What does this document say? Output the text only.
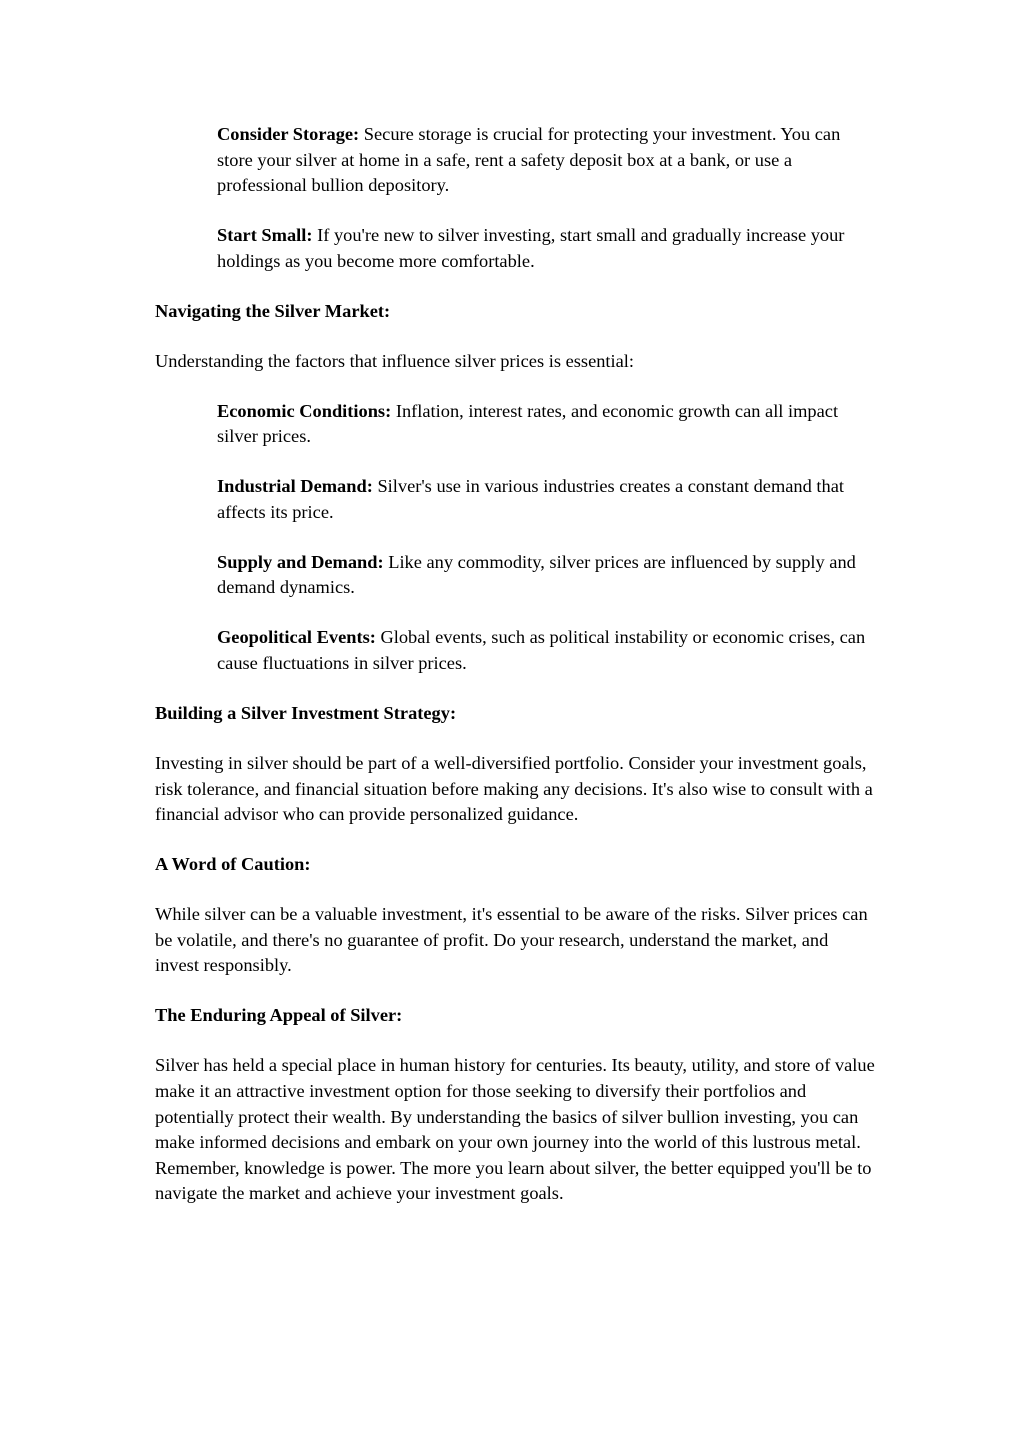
Consider Storage: Secure storage is crucial for protecting your investment. You can store your silver at home in a safe, rent a safety deposit box at a bank, or use a professional bullion depository.

Start Small: If you're new to silver investing, start small and gradually increase your holdings as you become more comfortable.

Navigating the Silver Market:

Understanding the factors that influence silver prices is essential:

Economic Conditions: Inflation, interest rates, and economic growth can all impact silver prices.

Industrial Demand: Silver's use in various industries creates a constant demand that affects its price.

Supply and Demand: Like any commodity, silver prices are influenced by supply and demand dynamics.

Geopolitical Events: Global events, such as political instability or economic crises, can cause fluctuations in silver prices.

Building a Silver Investment Strategy:

Investing in silver should be part of a well-diversified portfolio. Consider your investment goals, risk tolerance, and financial situation before making any decisions. It's also wise to consult with a financial advisor who can provide personalized guidance.

A Word of Caution:

While silver can be a valuable investment, it's essential to be aware of the risks. Silver prices can be volatile, and there's no guarantee of profit. Do your research, understand the market, and invest responsibly.

The Enduring Appeal of Silver:

Silver has held a special place in human history for centuries. Its beauty, utility, and store of value make it an attractive investment option for those seeking to diversify their portfolios and potentially protect their wealth. By understanding the basics of silver bullion investing, you can make informed decisions and embark on your own journey into the world of this lustrous metal. Remember, knowledge is power. The more you learn about silver, the better equipped you'll be to navigate the market and achieve your investment goals.
